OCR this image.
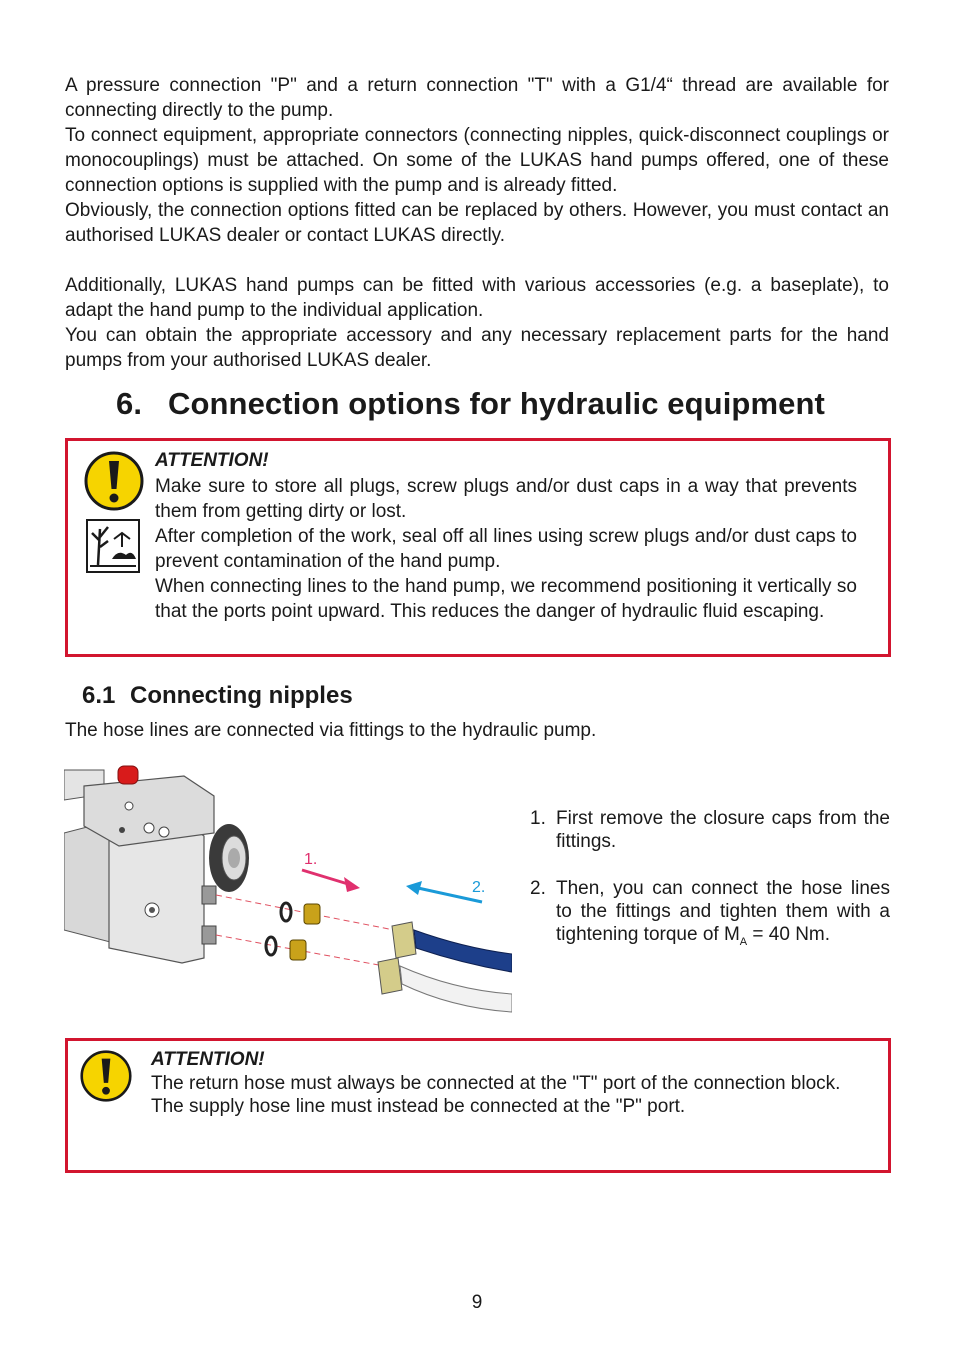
A pressure connection "P" and a return connection "T" with a G1/4“ thread are available for connecting directly to the pump.
To connect equipment, appropriate connectors (connecting nipples, quick-disconnect couplings or monocouplings) must be attached. On some of the LUKAS hand pumps offered, one of these connection options is supplied with the pump and is already fitted.
Obviously, the connection options fitted can be replaced by others. However, you must contact an authorised LUKAS dealer or contact LUKAS directly.
Additionally, LUKAS hand pumps can be fitted with various accessories (e.g. a baseplate), to adapt the hand pump to the individual application.
You can obtain the appropriate accessory and any necessary replacement parts for the hand pumps from your authorised LUKAS dealer.
6. Connection options for hydraulic equipment
ATTENTION!
Make sure to store all plugs, screw plugs and/or dust caps in a way that prevents them from getting dirty or lost.
After completion of the work, seal off all lines using screw plugs and/or dust caps to prevent contamination of the hand pump.
When connecting lines to the hand pump, we recommend positioning it vertically so that the ports point upward. This reduces the danger of hydraulic fluid escaping.
6.1 Connecting nipples
The hose lines are connected via fittings to the hydraulic pump.
1.
2.
1. First remove the closure caps from the fittings.
2. Then, you can connect the hose lines to the fittings and tighten them with a tightening torque of $M_A = 40$ Nm.
ATTENTION!
The return hose must always be connected at the "T" port of the connection block.
The supply hose line must instead be connected at the "P" port.
9
